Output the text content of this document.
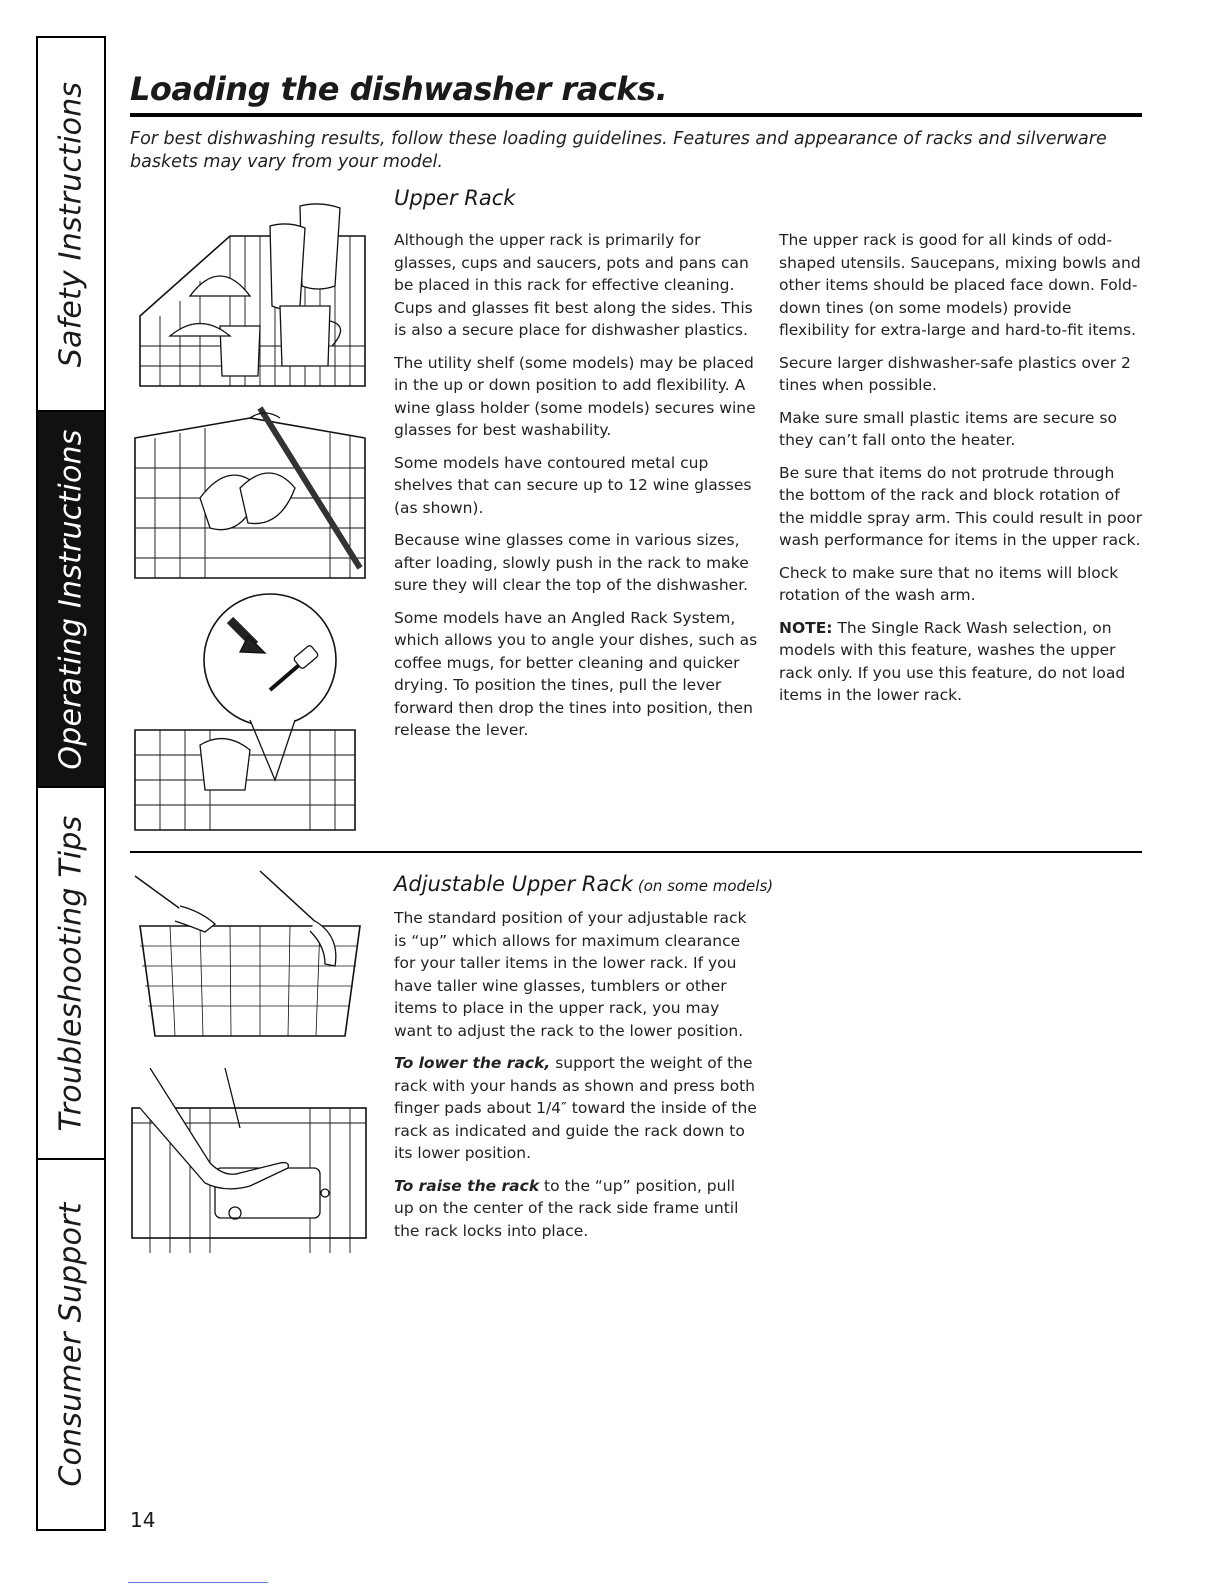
Safety Instructions
Operating Instructions
Troubleshooting Tips
Consumer Support
Loading the dishwasher racks.
For best dishwashing results, follow these loading guidelines. Features and appearance of racks and silverware baskets may vary from your model.
Upper Rack

Although the upper rack is primarily for glasses, cups and saucers, pots and pans can be placed in this rack for effective cleaning. Cups and glasses fit best along the sides. This is also a secure place for dishwasher plastics.

The utility shelf (some models) may be placed in the up or down position to add flexibility. A wine glass holder (some models) secures wine glasses for best washability.

Some models have contoured metal cup shelves that can secure up to 12 wine glasses (as shown).

Because wine glasses come in various sizes, after loading, slowly push in the rack to make sure they will clear the top of the dishwasher.

Some models have an Angled Rack System, which allows you to angle your dishes, such as coffee mugs, for better cleaning and quicker drying. To position the tines, pull the lever forward then drop the tines into position, then release the lever.

The upper rack is good for all kinds of odd-shaped utensils. Saucepans, mixing bowls and other items should be placed face down. Fold-down tines (on some models) provide flexibility for extra-large and hard-to-fit items.

Secure larger dishwasher-safe plastics over 2 tines when possible.

Make sure small plastic items are secure so they can’t fall onto the heater.

Be sure that items do not protrude through the bottom of the rack and block rotation of the middle spray arm. This could result in poor wash performance for items in the upper rack.

Check to make sure that no items will block rotation of the wash arm.

NOTE: The Single Rack Wash selection, on models with this feature, washes the upper rack only. If you use this feature, do not load items in the lower rack.

Adjustable Upper Rack (on some models)

The standard position of your adjustable rack is “up” which allows for maximum clearance for your taller items in the lower rack. If you have taller wine glasses, tumblers or other items to place in the upper rack, you may want to adjust the rack to the lower position.

To lower the rack, support the weight of the rack with your hands as shown and press both finger pads about 1/4″ toward the inside of the rack as indicated and guide the rack down to its lower position.

To raise the rack to the “up” position, pull up on the center of the rack side frame until the rack locks into place.

14
